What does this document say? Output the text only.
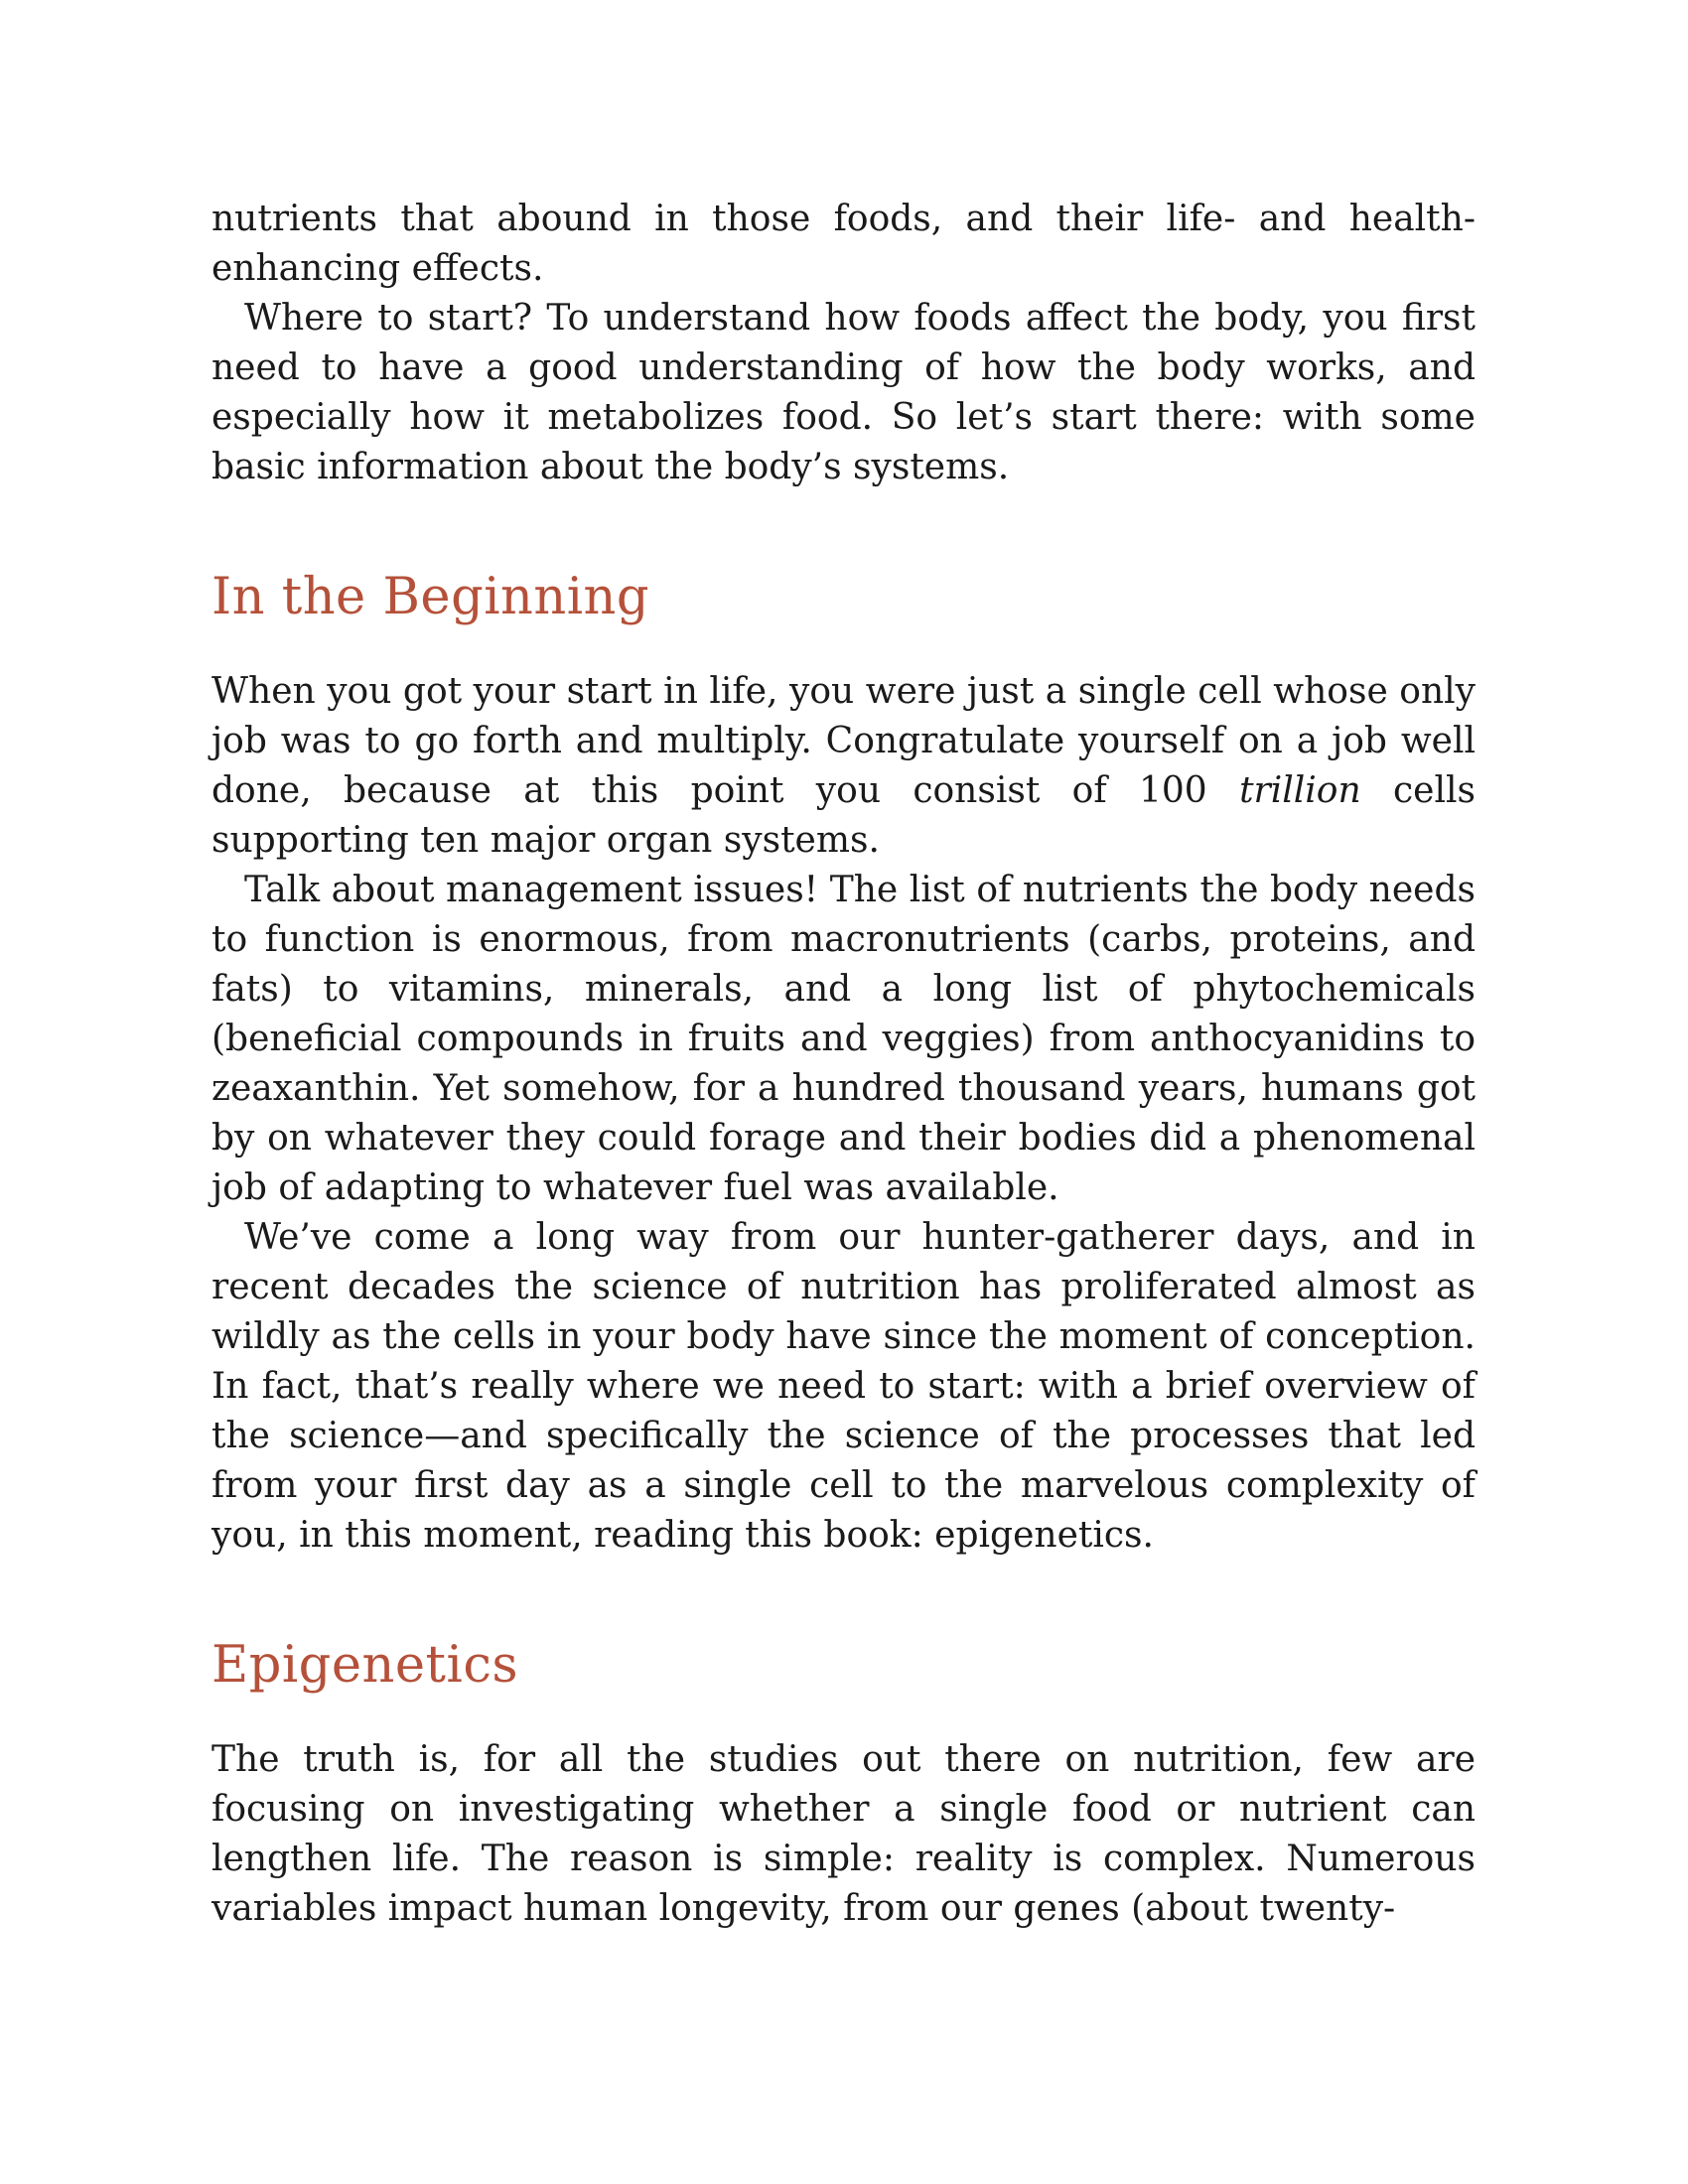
nutrients that abound in those foods, and their life- and health-enhancing effects.

Where to start? To understand how foods affect the body, you first need to have a good understanding of how the body works, and especially how it metabolizes food. So let’s start there: with some basic information about the body’s systems.

In the Beginning

When you got your start in life, you were just a single cell whose only job was to go forth and multiply. Congratulate yourself on a job well done, because at this point you consist of 100 trillion cells supporting ten major organ systems.

Talk about management issues! The list of nutrients the body needs to function is enormous, from macronutrients (carbs, proteins, and fats) to vitamins, minerals, and a long list of phytochemicals (beneficial compounds in fruits and veggies) from anthocyanidins to zeaxanthin. Yet somehow, for a hundred thousand years, humans got by on whatever they could forage and their bodies did a phenomenal job of adapting to whatever fuel was available.

We’ve come a long way from our hunter-gatherer days, and in recent decades the science of nutrition has proliferated almost as wildly as the cells in your body have since the moment of conception. In fact, that’s really where we need to start: with a brief overview of the science—and specifically the science of the processes that led from your first day as a single cell to the marvelous complexity of you, in this moment, reading this book: epigenetics.

Epigenetics

The truth is, for all the studies out there on nutrition, few are focusing on investigating whether a single food or nutrient can lengthen life. The reason is simple: reality is complex. Numerous variables impact human longevity, from our genes (about twenty-
